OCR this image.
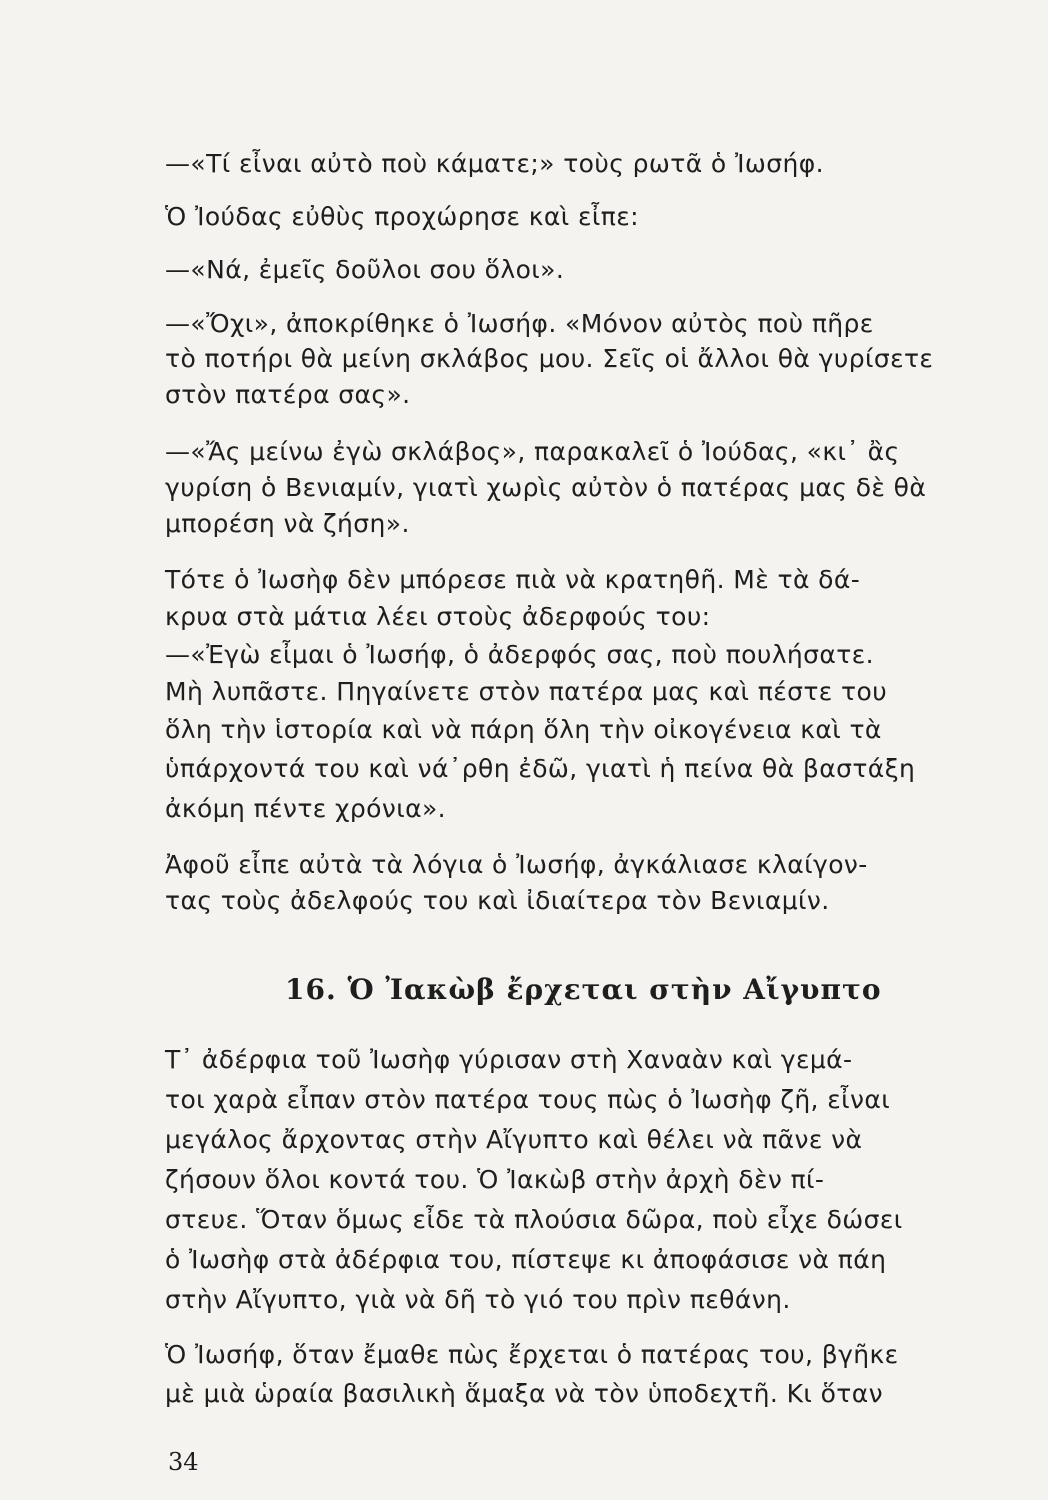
—«Τί εἶναι αὐτὸ ποὺ κάματε;» τοὺς ρωτᾶ ὁ Ἰωσήφ.
Ὁ Ἰούδας εὐθὺς προχώρησε καὶ εἶπε:
—«Νά, ἐμεῖς δοῦλοι σου ὅλοι».
—«Ὄχι», ἀποκρίθηκε ὁ Ἰωσήφ. «Μόνον αὐτὸς ποὺ πῆρε
τὸ ποτήρι θὰ μείνη σκλάβος μου. Σεῖς οἱ ἄλλοι θὰ γυρίσετε
στὸν πατέρα σας».
—«Ἄς μείνω ἐγὼ σκλάβος», παρακαλεῖ ὁ Ἰούδας, «κι᾿ ἂς
γυρίση ὁ Βενιαμίν, γιατὶ χωρὶς αὐτὸν ὁ πατέρας μας δὲ θὰ
μπορέση νὰ ζήση».
Τότε ὁ Ἰωσὴφ δὲν μπόρεσε πιὰ νὰ κρατηθῆ. Μὲ τὰ δά-
κρυα στὰ μάτια λέει στοὺς ἀδερφούς του:
—«Ἐγὼ εἶμαι ὁ Ἰωσήφ, ὁ ἀδερφός σας, ποὺ πουλήσατε.
Μὴ λυπᾶστε. Πηγαίνετε στὸν πατέρα μας καὶ πέστε του
ὅλη τὴν ἱστορία καὶ νὰ πάρη ὅλη τὴν οἰκογένεια καὶ τὰ
ὑπάρχοντά του καὶ νά᾿ρθη ἐδῶ, γιατὶ ἡ πείνα θὰ βαστάξη
ἀκόμη πέντε χρόνια».
Ἀφοῦ εἶπε αὐτὰ τὰ λόγια ὁ Ἰωσήφ, ἀγκάλιασε κλαίγον-
τας τοὺς ἀδελφούς του καὶ ἰδιαίτερα τὸν Βενιαμίν.
16. Ὁ Ἰακὼβ ἔρχεται στὴν Αἴγυπτο
Τ᾿ ἀδέρφια τοῦ Ἰωσὴφ γύρισαν στὴ Χαναὰν καὶ γεμά-
τοι χαρὰ εἶπαν στὸν πατέρα τους πὼς ὁ Ἰωσὴφ ζῆ, εἶναι
μεγάλος ἄρχοντας στὴν Αἴγυπτο καὶ θέλει νὰ πᾶνε νὰ
ζήσουν ὅλοι κοντά του. Ὁ Ἰακὼβ στὴν ἀρχὴ δὲν πί-
στευε. Ὅταν ὅμως εἶδε τὰ πλούσια δῶρα, ποὺ εἶχε δώσει
ὁ Ἰωσὴφ στὰ ἀδέρφια του, πίστεψε κι ἀποφάσισε νὰ πάη
στὴν Αἴγυπτο, γιὰ νὰ δῆ τὸ γιό του πρὶν πεθάνη.
Ὁ Ἰωσήφ, ὅταν ἔμαθε πὼς ἔρχεται ὁ πατέρας του, βγῆκε
μὲ μιὰ ὡραία βασιλικὴ ἅμαξα νὰ τὸν ὑποδεχτῆ. Κι ὅταν
34
